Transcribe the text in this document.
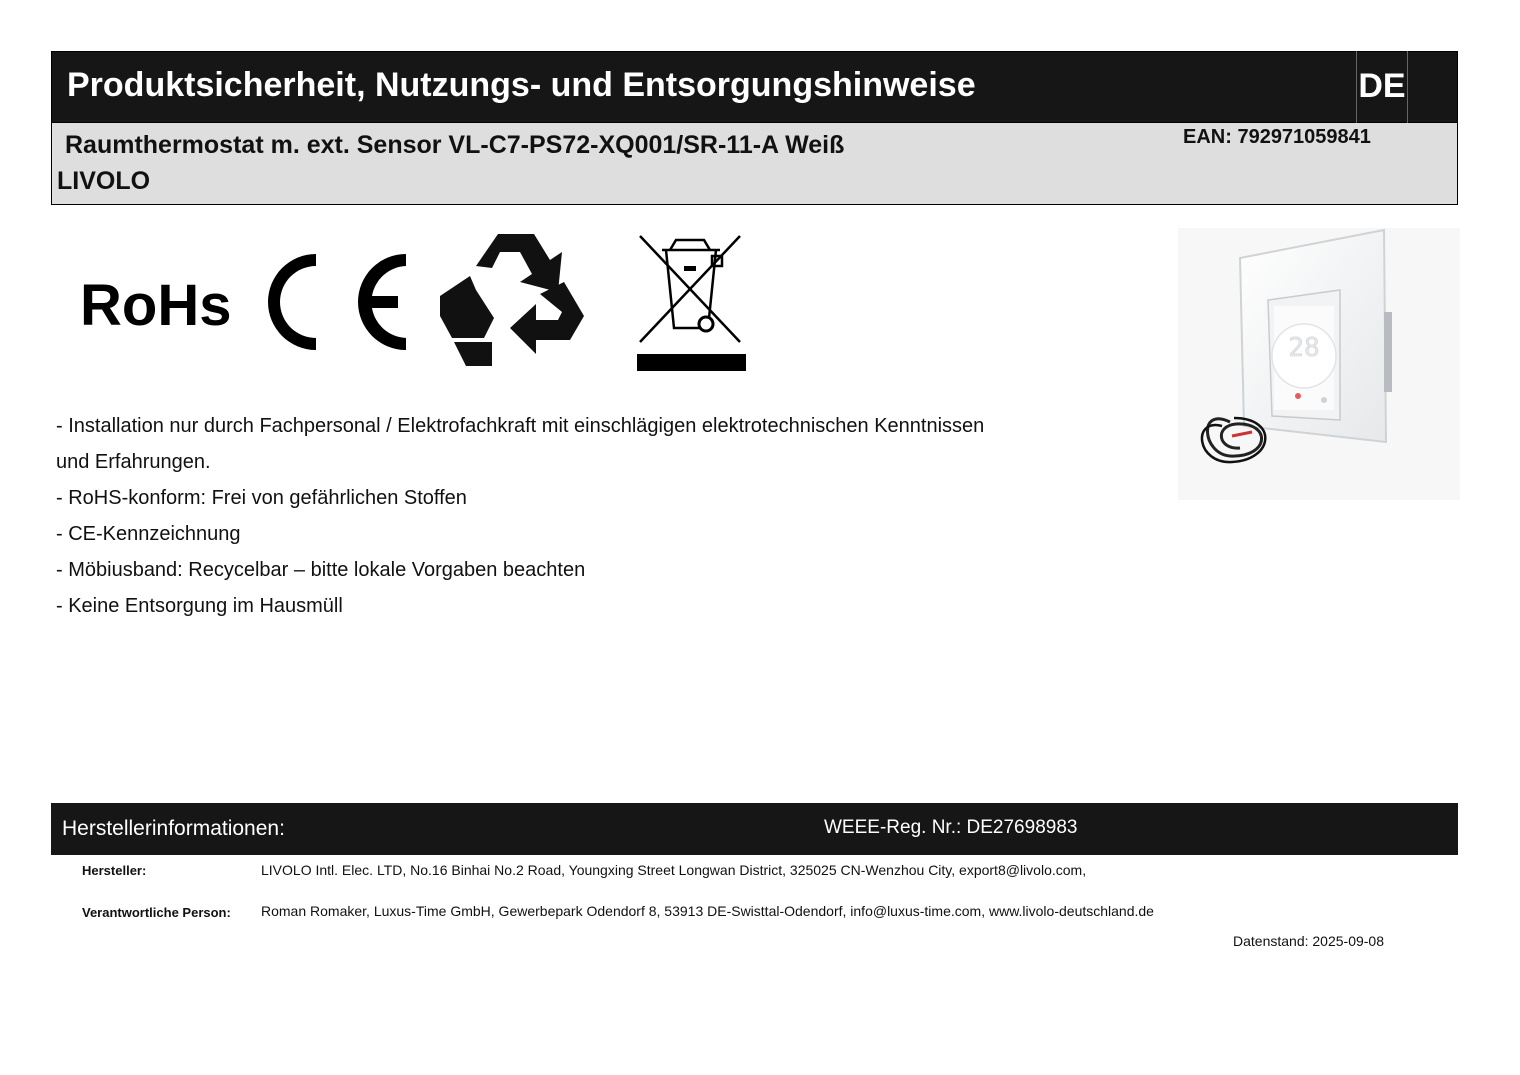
Produktsicherheit, Nutzungs- und Entsorgungshinweise	DE
Raumthermostat m. ext. Sensor VL-C7-PS72-XQ001/SR-11-A Weiß
LIVOLO
EAN: 792971059841
RoHs
28
- Installation nur durch Fachpersonal / Elektrofachkraft mit einschlägigen elektrotechnischen Kenntnissen
und Erfahrungen.
- RoHS-konform: Frei von gefährlichen Stoffen
- CE-Kennzeichnung
- Möbiusband: Recycelbar – bitte lokale Vorgaben beachten
- Keine Entsorgung im Hausmüll
Herstellerinformationen:	WEEE-Reg. Nr.: DE27698983
Hersteller:	LIVOLO Intl. Elec. LTD, No.16 Binhai No.2 Road, Youngxing Street Longwan District, 325025 CN-Wenzhou City, export8@livolo.com,
Verantwortliche Person: Roman Romaker, Luxus-Time GmbH, Gewerbepark Odendorf 8, 53913 DE-Swisttal-Odendorf, info@luxus-time.com, www.livolo-deutschland.de
Datenstand: 2025-09-08
